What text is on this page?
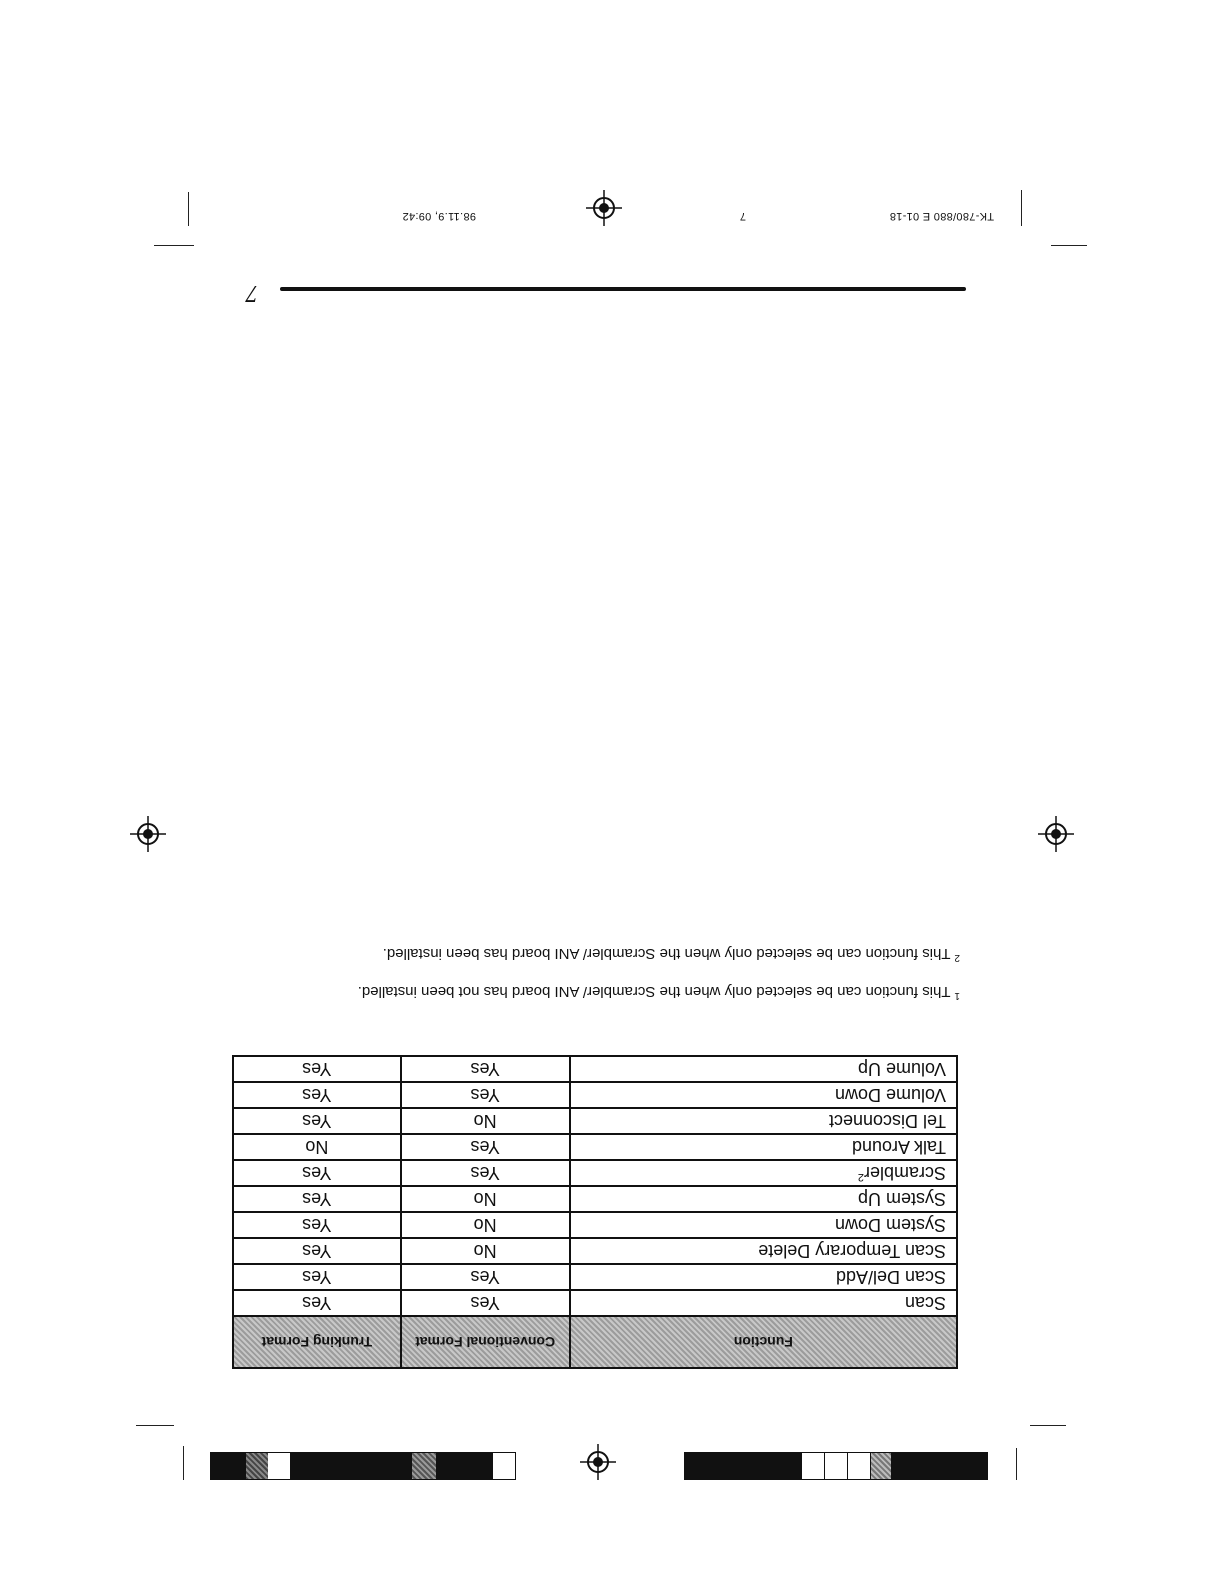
Function	Conventional Format	Trunking Format
Scan	Yes	Yes
Scan Del/Add	Yes	Yes
Scan Temporary Delete	No	Yes
System Down	No	Yes
System Up	No	Yes
Scrambler$^2$	Yes	Yes
Talk Around	Yes	No
Tel Disconnect	No	Yes
Volume Down	Yes	Yes
Volume Up	Yes	Yes
$^1$ This function can be selected only when the Scrambler/ ANI board has not been installed.
$^2$ This function can be selected only when the Scrambler/ ANI board has been installed.
7
TK-780/880 E 01-18
7
98.11.9, 09:42
